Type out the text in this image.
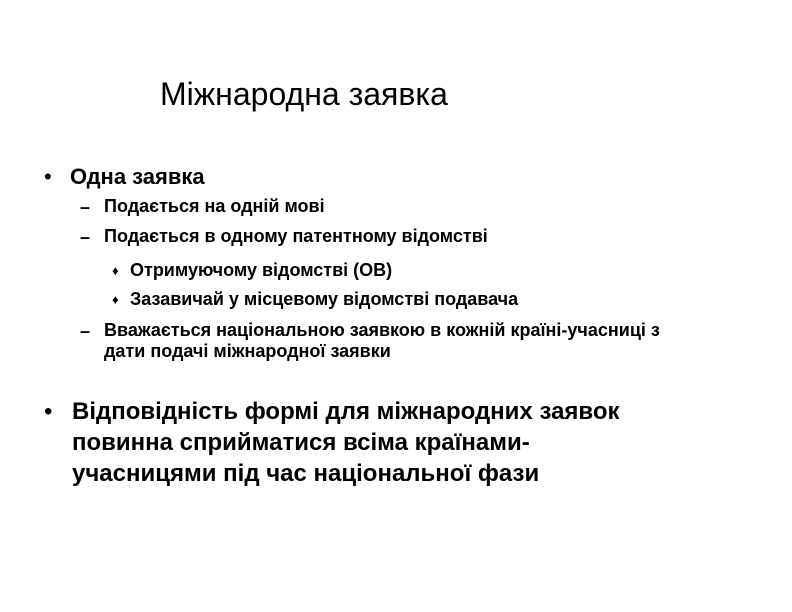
Міжнародна заявка
• Одна заявка
– Подається на одній мові
– Подається в одному патентному відомстві
♦ Отримуючому відомстві (ОВ)
♦ Зазавичай у місцевому відомстві подавача
– Вважається національною заявкою в кожній країні-учасниці з дати подачі міжнародної заявки
• Відповідність формі для міжнародних заявок повинна сприйматися всіма країнами-учасницями під час національної фази
